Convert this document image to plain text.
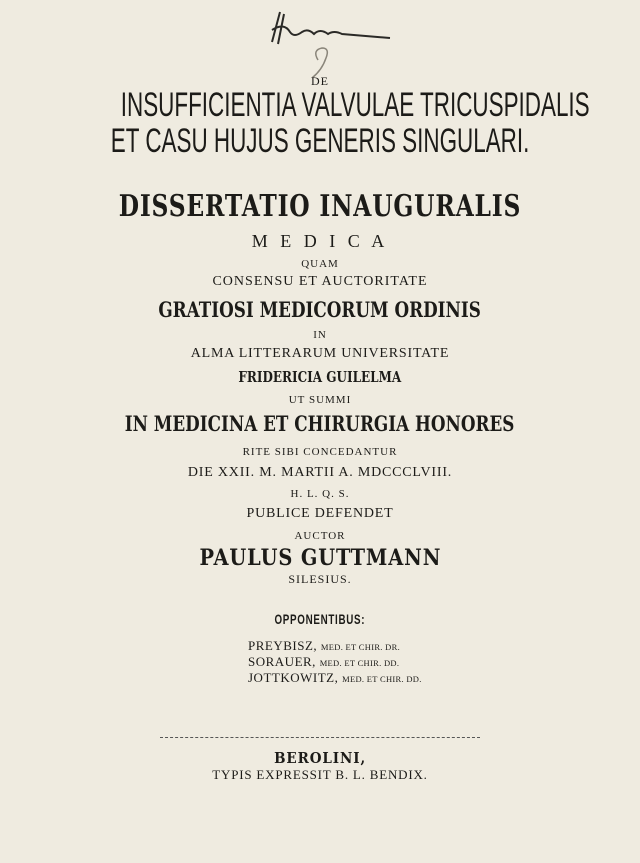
DE
INSUFFICIENTIA VALVULAE TRICUSPIDALIS
ET CASU HUJUS GENERIS SINGULARI.
DISSERTATIO INAUGURALIS
M E D I C A
QUAM
CONSENSU ET AUCTORITATE
GRATIOSI MEDICORUM ORDINIS
IN
ALMA LITTERARUM UNIVERSITATE
FRIDERICIA GUILELMA
UT SUMMI
IN MEDICINA ET CHIRURGIA HONORES
RITE SIBI CONCEDANTUR
DIE XXII. M. MARTII A. MDCCCLVIII.
H. L. Q. S.
PUBLICE DEFENDET
AUCTOR
PAULUS GUTTMANN
SILESIUS.
OPPONENTIBUS:
PREYBISZ, MED. ET CHIR. DR.
SORAUER, MED. ET CHIR. DD.
JOTTKOWITZ, MED. ET CHIR. DD.
BEROLINI,
TYPIS EXPRESSIT B. L. BENDIX.
